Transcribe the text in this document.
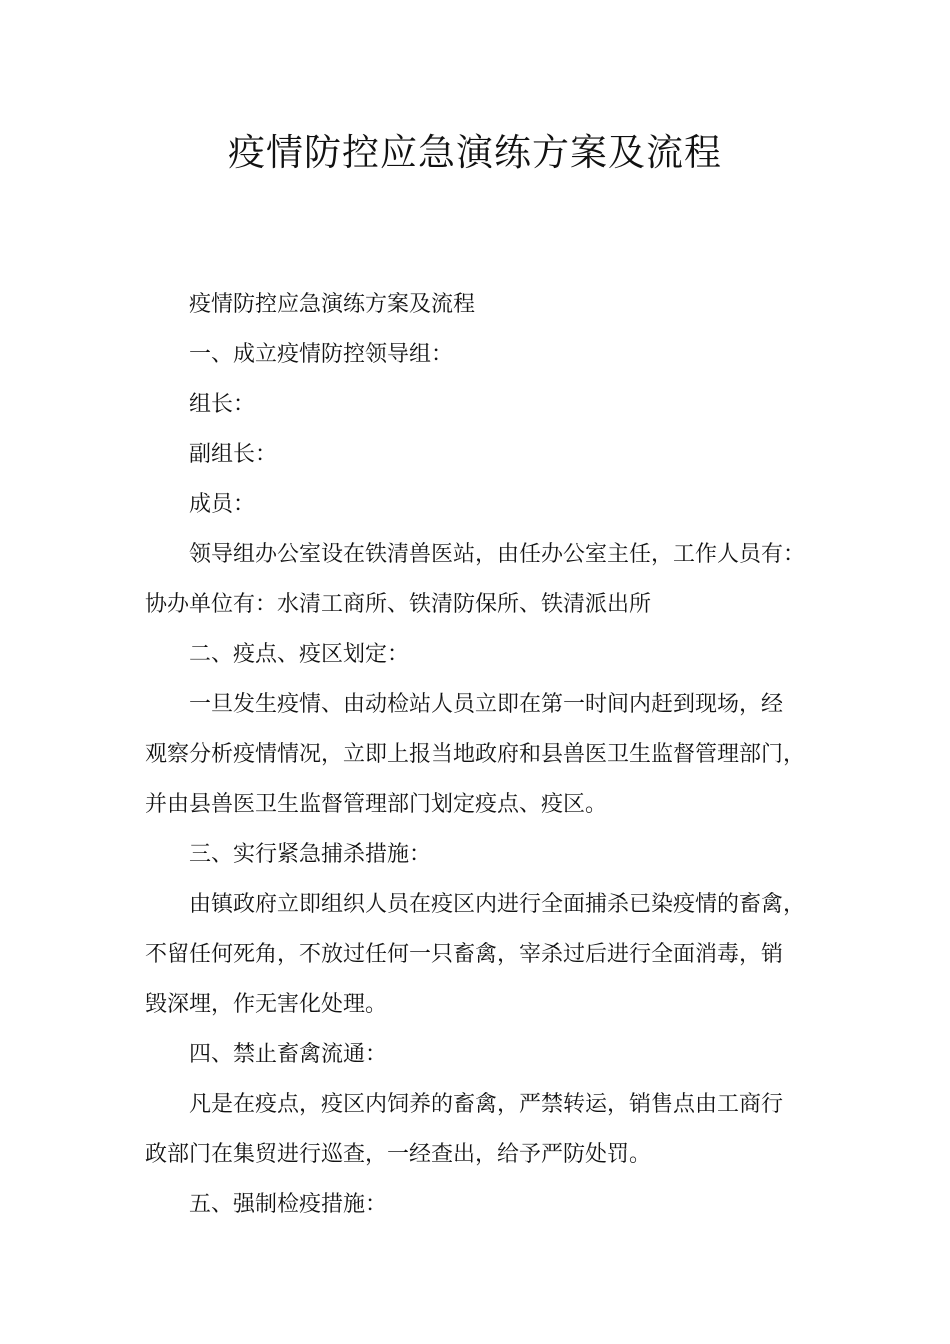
疫情防控应急演练方案及流程

疫情防控应急演练方案及流程

一、成立疫情防控领导组：

组长：

副组长：

成员：

领导组办公室设在铁清兽医站，由任办公室主任，工作人员有：

协办单位有：水清工商所、铁清防保所、铁清派出所

二、疫点、疫区划定：

一旦发生疫情、由动检站人员立即在第一时间内赶到现场，经

观察分析疫情情况，立即上报当地政府和县兽医卫生监督管理部门，

并由县兽医卫生监督管理部门划定疫点、疫区。

三、实行紧急捕杀措施：

由镇政府立即组织人员在疫区内进行全面捕杀已染疫情的畜禽，

不留任何死角，不放过任何一只畜禽，宰杀过后进行全面消毒，销

毁深埋，作无害化处理。

四、禁止畜禽流通：

凡是在疫点，疫区内饲养的畜禽，严禁转运，销售点由工商行

政部门在集贸进行巡查，一经查出，给予严防处罚。

五、强制检疫措施：
